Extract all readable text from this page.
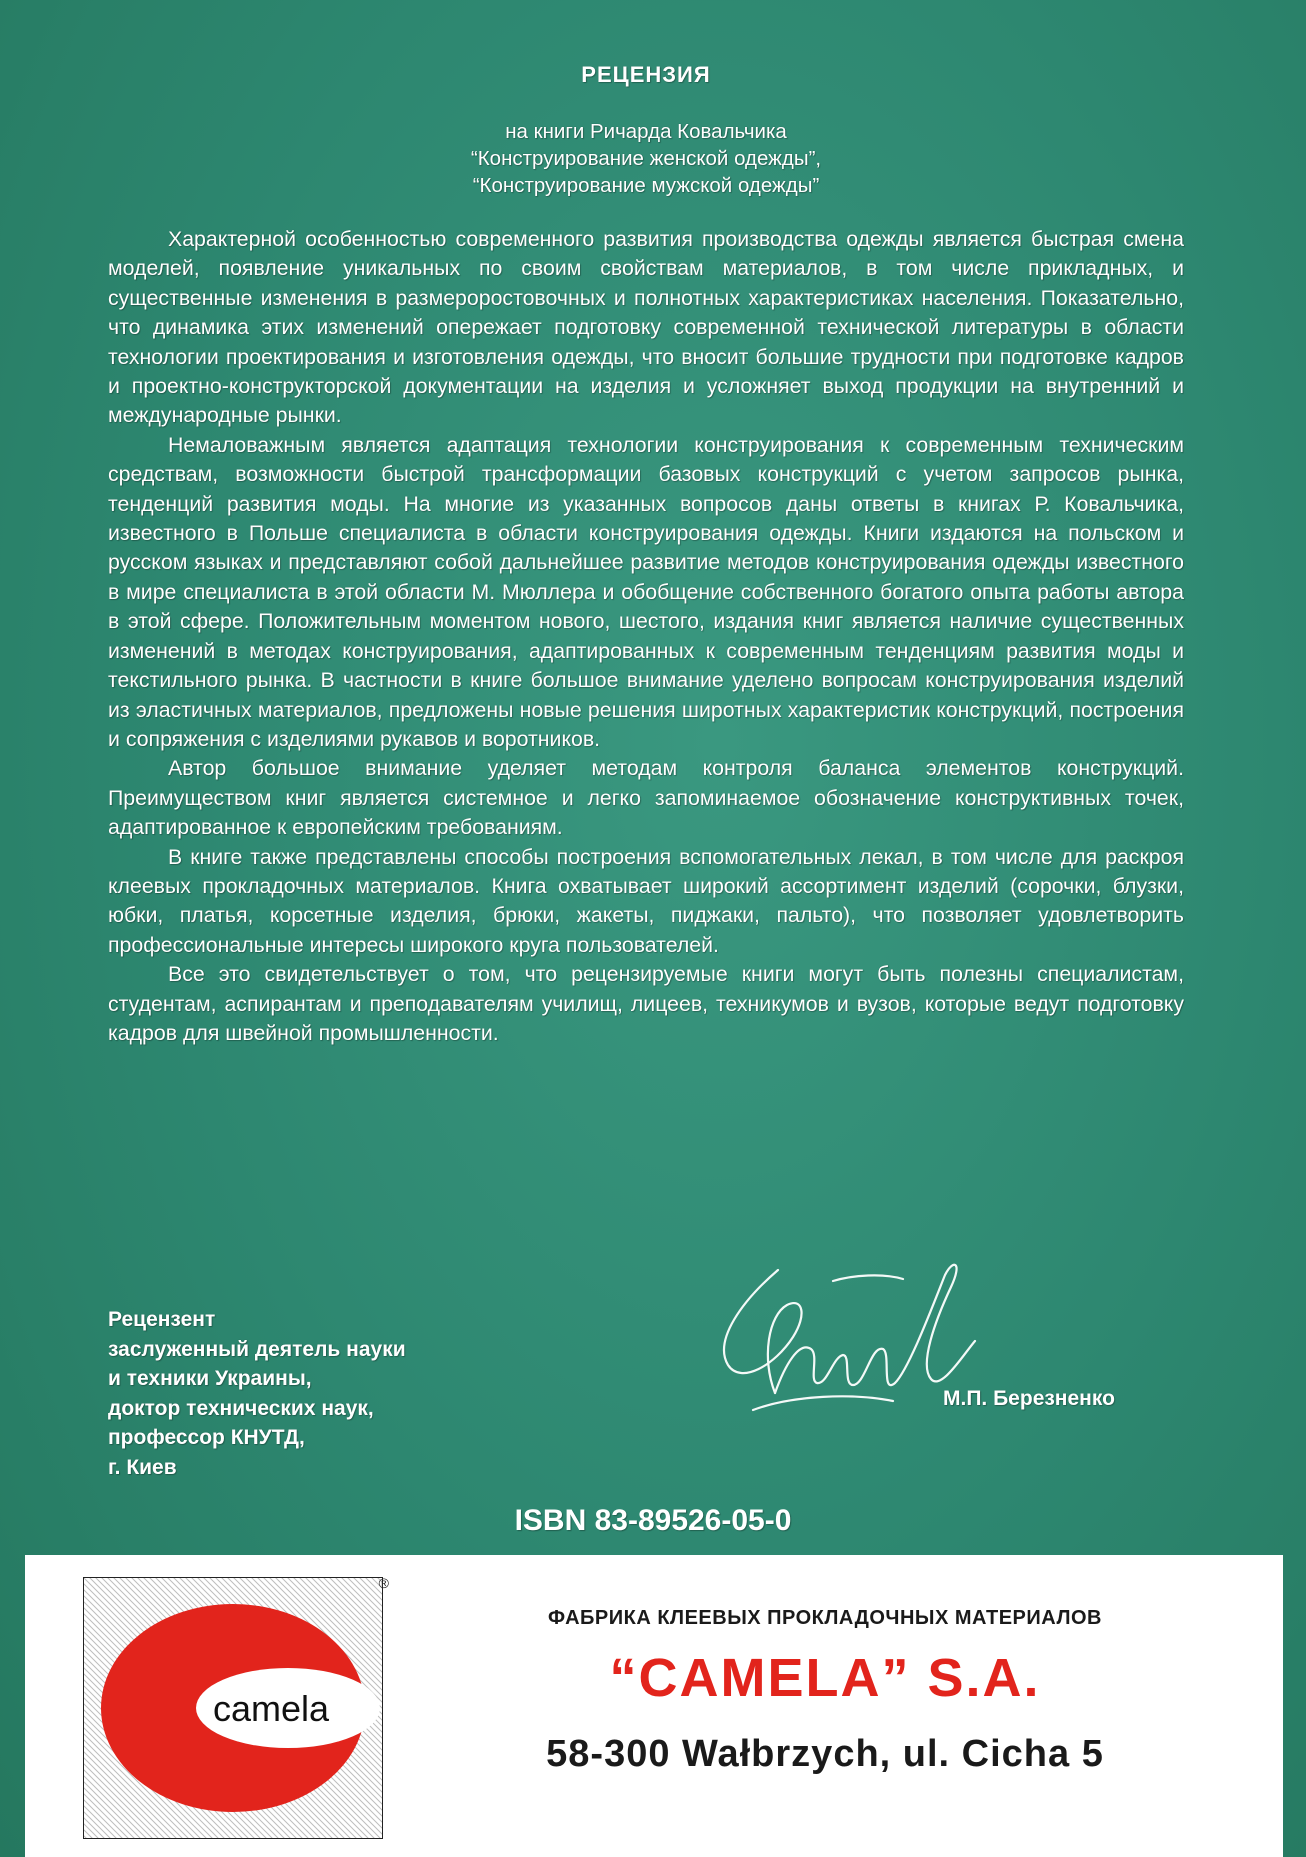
РЕЦЕНЗИЯ
на книги Ричарда Ковальчика
“Конструирование женской одежды”,
“Конструирование мужской одежды”

Характерной особенностью современного развития производства одежды является быстрая смена моделей, появление уникальных по своим свойствам материалов, в том числе прикладных, и существенные изменения в размероростовочных и полнотных характеристиках населения. Показательно, что динамика этих изменений опережает подготовку современной технической литературы в области технологии проектирования и изготовления одежды, что вносит большие трудности при подготовке кадров и проектно-конструкторской документации на изделия и усложняет выход продукции на внутренний и международные рынки.

Немаловажным является адаптация технологии конструирования к современным техническим средствам, возможности быстрой трансформации базовых конструкций с учетом запросов рынка, тенденций развития моды. На многие из указанных вопросов даны ответы в книгах Р. Ковальчика, известного в Польше специалиста в области конструирования одежды. Книги издаются на польском и русском языках и представляют собой дальнейшее развитие методов конструирования одежды известного в мире специалиста в этой области М. Мюллера и обобщение собственного богатого опыта работы автора в этой сфере. Положительным моментом нового, шестого, издания книг является наличие существенных изменений в методах конструирования, адаптированных к современным тенденциям развития моды и текстильного рынка. В частности в книге большое внимание уделено вопросам конструирования изделий из эластичных материалов, предложены новые решения широтных характеристик конструкций, построения и сопряжения с изделиями рукавов и воротников.

Автор большое внимание уделяет методам контроля баланса элементов конструкций. Преимуществом книг является системное и легко запоминаемое обозначение конструктивных точек, адаптированное к европейским требованиям.

В книге также представлены способы построения вспомогательных лекал, в том числе для раскроя клеевых прокладочных материалов. Книга охватывает широкий ассортимент изделий (сорочки, блузки, юбки, платья, корсетные изделия, брюки, жакеты, пиджаки, пальто), что позволяет удовлетворить профессиональные интересы широкого круга пользователей.

Все это свидетельствует о том, что рецензируемые книги могут быть полезны специалистам, студентам, аспирантам и преподавателям училищ, лицеев, техникумов и вузов, которые ведут подготовку кадров для швейной промышленности.

Рецензент
заслуженный деятель науки
и техники Украины,
доктор технических наук,
профессор КНУТД,
г. Киев
М.П. Березненко
ISBN 83-89526-05-0
camela
®
ФАБРИКА КЛЕЕВЫХ ПРОКЛАДОЧНЫХ МАТЕРИАЛОВ
“CAMELA” S.A.
58-300 Wałbrzych, ul. Cicha 5
